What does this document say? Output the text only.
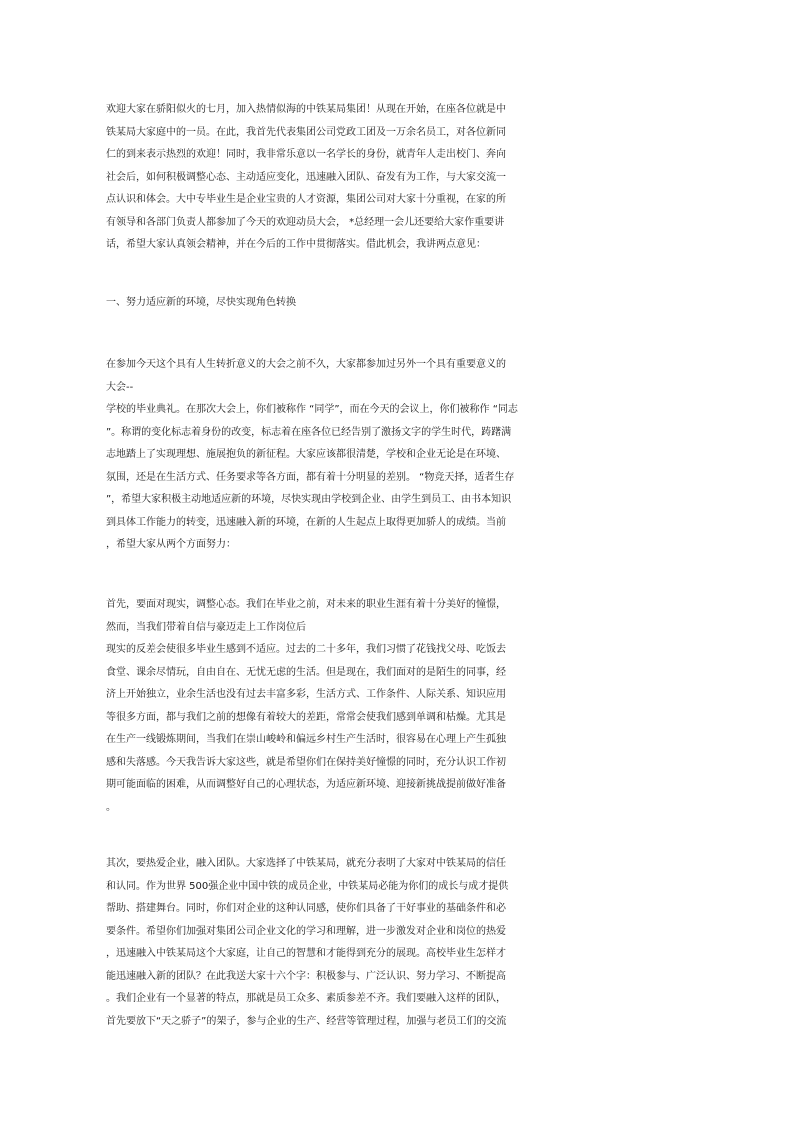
欢迎大家在骄阳似火的七月，加入热情似海的中铁某局集团！从现在开始，在座各位就是中
铁某局大家庭中的一员。在此，我首先代表集团公司党政工团及一万余名员工，对各位新同
仁的到来表示热烈的欢迎！同时，我非常乐意以一名学长的身份，就青年人走出校门、奔向
社会后，如何积极调整心态、主动适应变化，迅速融入团队、奋发有为工作，与大家交流一
点认识和体会。大中专毕业生是企业宝贵的人才资源，集团公司对大家十分重视，在家的所
有领导和各部门负责人都参加了今天的欢迎动员大会， *总经理一会儿还要给大家作重要讲
话，希望大家认真领会精神，并在今后的工作中贯彻落实。借此机会，我讲两点意见：
一、努力适应新的环境，尽快实现角色转换
在参加今天这个具有人生转折意义的大会之前不久，大家都参加过另外一个具有重要意义的
大会--
学校的毕业典礼。在那次大会上，你们被称作 “同学”，而在今天的会议上，你们被称作 “同志
”。称谓的变化标志着身份的改变，标志着在座各位已经告别了激扬文字的学生时代，踌躇满
志地踏上了实现理想、施展抱负的新征程。大家应该都很清楚，学校和企业无论是在环境、
氛围，还是在生活方式、任务要求等各方面，都有着十分明显的差别。 “物竞天择，适者生存
”，希望大家积极主动地适应新的环境，尽快实现由学校到企业、由学生到员工、由书本知识
到具体工作能力的转变，迅速融入新的环境，在新的人生起点上取得更加骄人的成绩。当前
，希望大家从两个方面努力：
首先，要面对现实，调整心态。我们在毕业之前，对未来的职业生涯有着十分美好的憧憬，
然而，当我们带着自信与豪迈走上工作岗位后
现实的反差会使很多毕业生感到不适应。过去的二十多年，我们习惯了花钱找父母、吃饭去
食堂、课余尽情玩，自由自在、无忧无虑的生活。但是现在，我们面对的是陌生的同事，经
济上开始独立，业余生活也没有过去丰富多彩，生活方式、工作条件、人际关系、知识应用
等很多方面，都与我们之前的想像有着较大的差距，常常会使我们感到单调和枯燥。尤其是
在生产一线锻炼期间，当我们在崇山峻岭和偏远乡村生产生活时，很容易在心理上产生孤独
感和失落感。今天我告诉大家这些，就是希望你们在保持美好憧憬的同时，充分认识工作初
期可能面临的困难，从而调整好自己的心理状态，为适应新环境、迎接新挑战提前做好准备
。
其次，要热爱企业，融入团队。大家选择了中铁某局，就充分表明了大家对中铁某局的信任
和认同。作为世界 500强企业中国中铁的成员企业，中铁某局必能为你们的成长与成才提供
帮助、搭建舞台。同时，你们对企业的这种认同感，使你们具备了干好事业的基础条件和必
要条件。希望你们加强对集团公司企业文化的学习和理解，进一步激发对企业和岗位的热爱
，迅速融入中铁某局这个大家庭，让自己的智慧和才能得到充分的展现。高校毕业生怎样才
能迅速融入新的团队？在此我送大家十六个字：积极参与、广泛认识、努力学习、不断提高
。我们企业有一个显著的特点，那就是员工众多、素质参差不齐。我们要融入这样的团队，
首先要放下“天之骄子”的架子，参与企业的生产、经营等管理过程，加强与老员工们的交流
